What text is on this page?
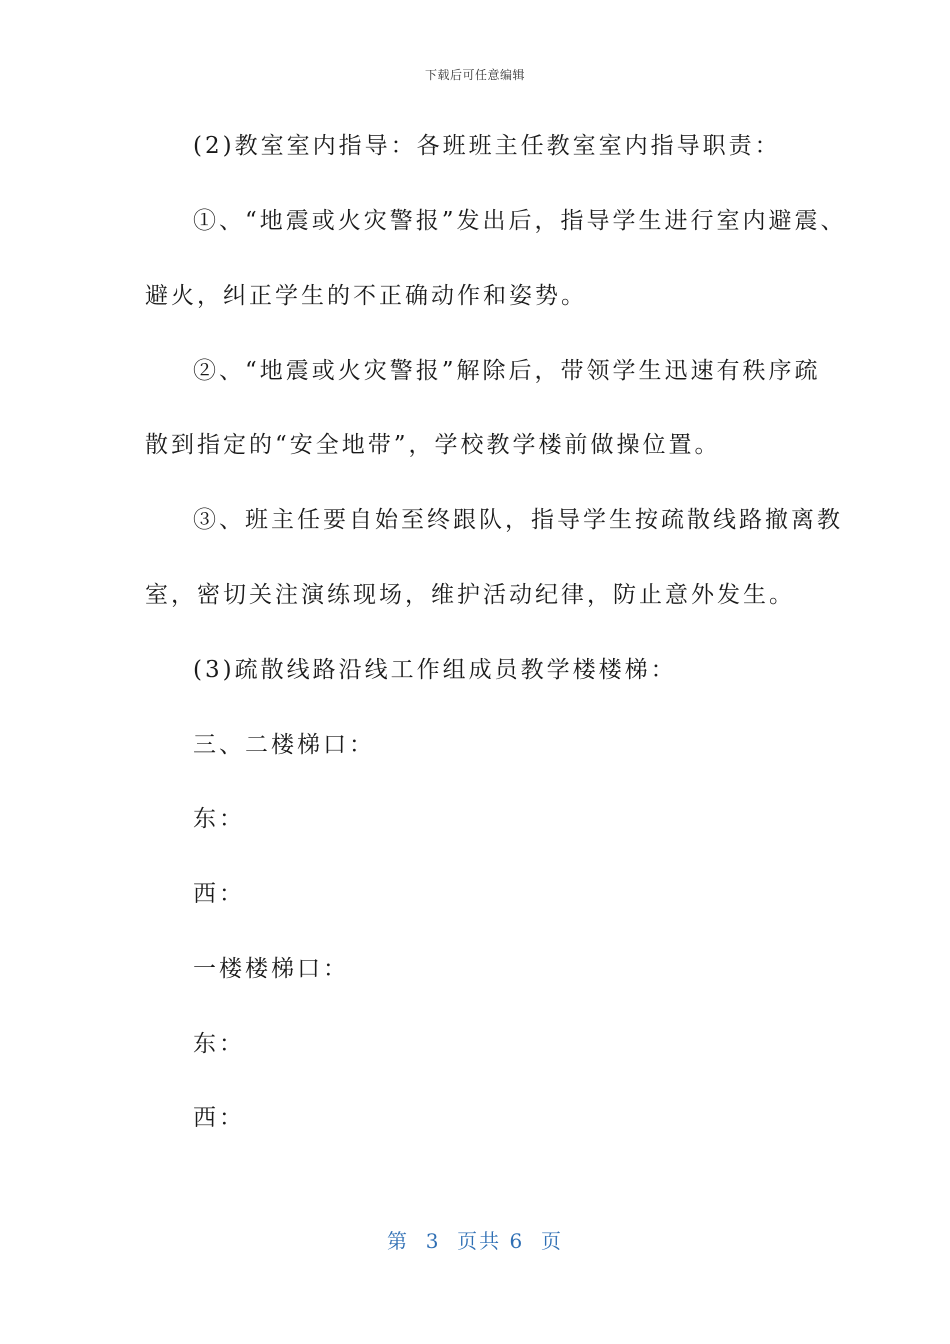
下载后可任意编辑
(2)教室室内指导：各班班主任教室室内指导职责：
①、“地震或火灾警报”发出后，指导学生进行室内避震、
避火，纠正学生的不正确动作和姿势。
②、“地震或火灾警报”解除后，带领学生迅速有秩序疏
散到指定的“安全地带”，学校教学楼前做操位置。
③、班主任要自始至终跟队，指导学生按疏散线路撤离教
室，密切关注演练现场，维护活动纪律，防止意外发生。
(3)疏散线路沿线工作组成员教学楼楼梯：
三、二楼梯口：
东：
西：
一楼楼梯口：
东：
西：
第  3  页共 6  页
